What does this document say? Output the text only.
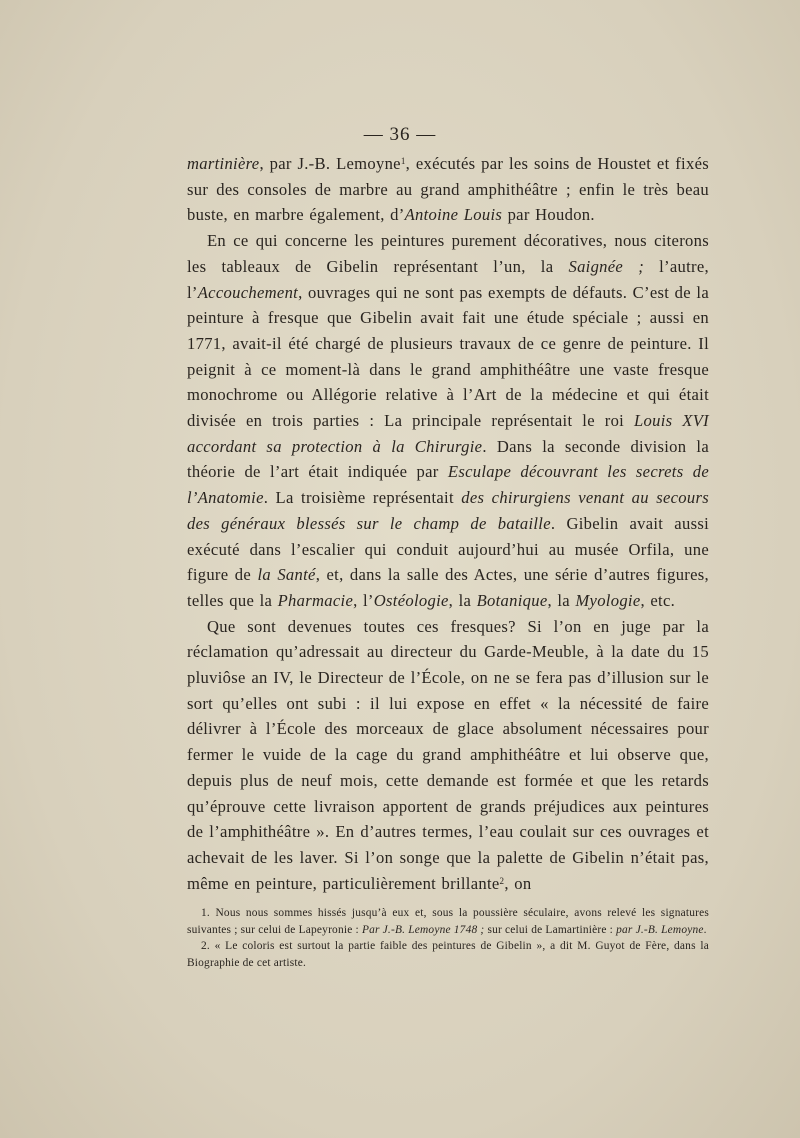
— 36 —

martinière, par J.-B. Lemoyne$^1$, exécutés par les soins de Houstet et fixés sur des consoles de marbre au grand amphithéâtre ; enfin le très beau buste, en marbre également, d’Antoine Louis par Houdon.

En ce qui concerne les peintures purement décoratives, nous citerons les tableaux de Gibelin représentant l’un, la Saignée ; l’autre, l’Accouchement, ouvrages qui ne sont pas exempts de défauts. C’est de la peinture à fresque que Gibelin avait fait une étude spéciale ; aussi en 1771, avait-il été chargé de plusieurs travaux de ce genre de peinture. Il peignit à ce moment-là dans le grand amphithéâtre une vaste fresque monochrome ou Allégorie relative à l’Art de la médecine et qui était divisée en trois parties : La principale représentait le roi Louis XVI accordant sa protection à la Chirurgie. Dans la seconde division la théorie de l’art était indiquée par Esculape découvrant les secrets de l’Anatomie. La troisième représentait des chirurgiens venant au secours des généraux blessés sur le champ de bataille. Gibelin avait aussi exécuté dans l’escalier qui conduit aujourd’hui au musée Orfila, une figure de la Santé, et, dans la salle des Actes, une série d’autres figures, telles que la Pharmacie, l’Ostéologie, la Botanique, la Myologie, etc.

Que sont devenues toutes ces fresques? Si l’on en juge par la réclamation qu’adressait au directeur du Garde-Meuble, à la date du 15 pluviôse an IV, le Directeur de l’École, on ne se fera pas d’illusion sur le sort qu’elles ont subi : il lui expose en effet « la nécessité de faire délivrer à l’École des morceaux de glace absolument nécessaires pour fermer le vuide de la cage du grand amphithéâtre et lui observe que, depuis plus de neuf mois, cette demande est formée et que les retards qu’éprouve cette livraison apportent de grands préjudices aux peintures de l’amphithéâtre ». En d’autres termes, l’eau coulait sur ces ouvrages et achevait de les laver. Si l’on songe que la palette de Gibelin n’était pas, même en peinture, particulièrement brillante$^2$, on

1. Nous nous sommes hissés jusqu’à eux et, sous la poussière séculaire, avons relevé les signatures suivantes ; sur celui de Lapeyronie : Par J.-B. Lemoyne 1748 ; sur celui de Lamartinière : par J.-B. Lemoyne.

2. « Le coloris est surtout la partie faible des peintures de Gibelin », a dit M. Guyot de Fère, dans la Biographie de cet artiste.
